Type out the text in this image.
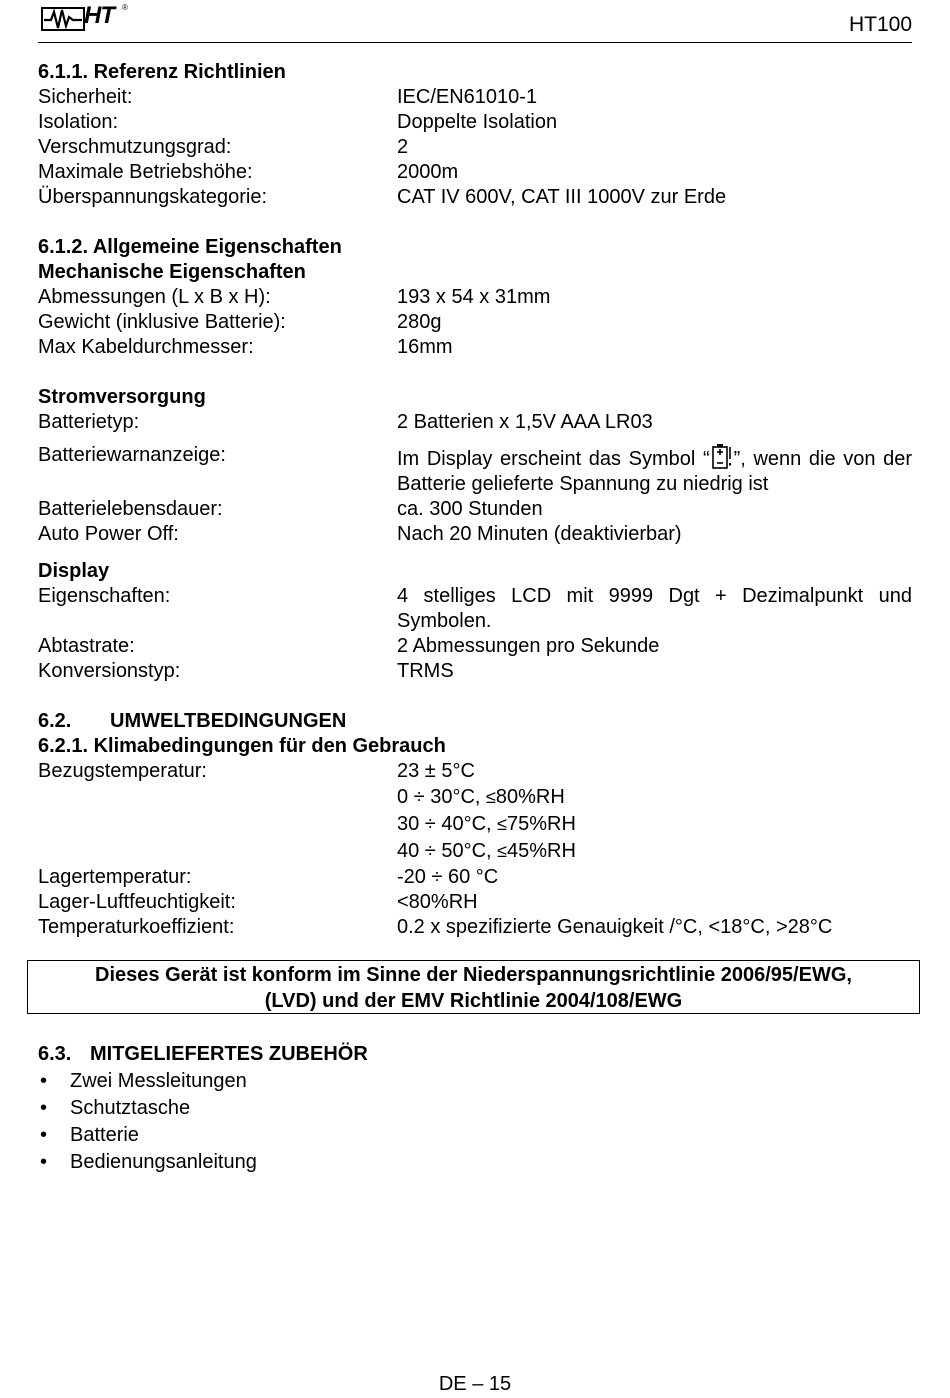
HT ®
HT100
6.1.1. Referenz Richtlinien
Sicherheit:	IEC/EN61010-1
Isolation:	Doppelte Isolation
Verschmutzungsgrad:	2
Maximale Betriebshöhe:	2000m
Überspannungskategorie:	CAT IV 600V, CAT III 1000V zur Erde
6.1.2. Allgemeine Eigenschaften
Mechanische Eigenschaften
Abmessungen (L x B x H):	193 x 54 x 31mm
Gewicht (inklusive Batterie):	280g
Max Kabeldurchmesser:	16mm
Stromversorgung
Batterietyp:	2 Batterien x 1,5V AAA LR03
Batteriewarnanzeige:	Im Display erscheint das Symbol “ ”, wenn die von der Batterie gelieferte Spannung zu niedrig ist
Batterielebensdauer:	ca. 300 Stunden
Auto Power Off:	Nach 20 Minuten (deaktivierbar)
Display
Eigenschaften:	4 stelliges LCD mit 9999 Dgt + Dezimalpunkt und Symbolen.
Abtastrate:	2 Abmessungen pro Sekunde
Konversionstyp:	TRMS
6.2. UMWELTBEDINGUNGEN
6.2.1. Klimabedingungen für den Gebrauch
Bezugstemperatur:	23 ± 5°C
0 ÷ 30°C, ≤80%RH
30 ÷ 40°C, ≤75%RH
40 ÷ 50°C, ≤45%RH
Lagertemperatur:	-20 ÷ 60 °C
Lager-Luftfeuchtigkeit:	<80%RH
Temperaturkoeffizient:	0.2 x spezifizierte Genauigkeit /°C, <18°C, >28°C
Dieses Gerät ist konform im Sinne der Niederspannungsrichtlinie 2006/95/EWG,
(LVD) und der EMV Richtlinie 2004/108/EWG
6.3. MITGELIEFERTES ZUBEHÖR
• Zwei Messleitungen
• Schutztasche
• Batterie
• Bedienungsanleitung
DE – 15
